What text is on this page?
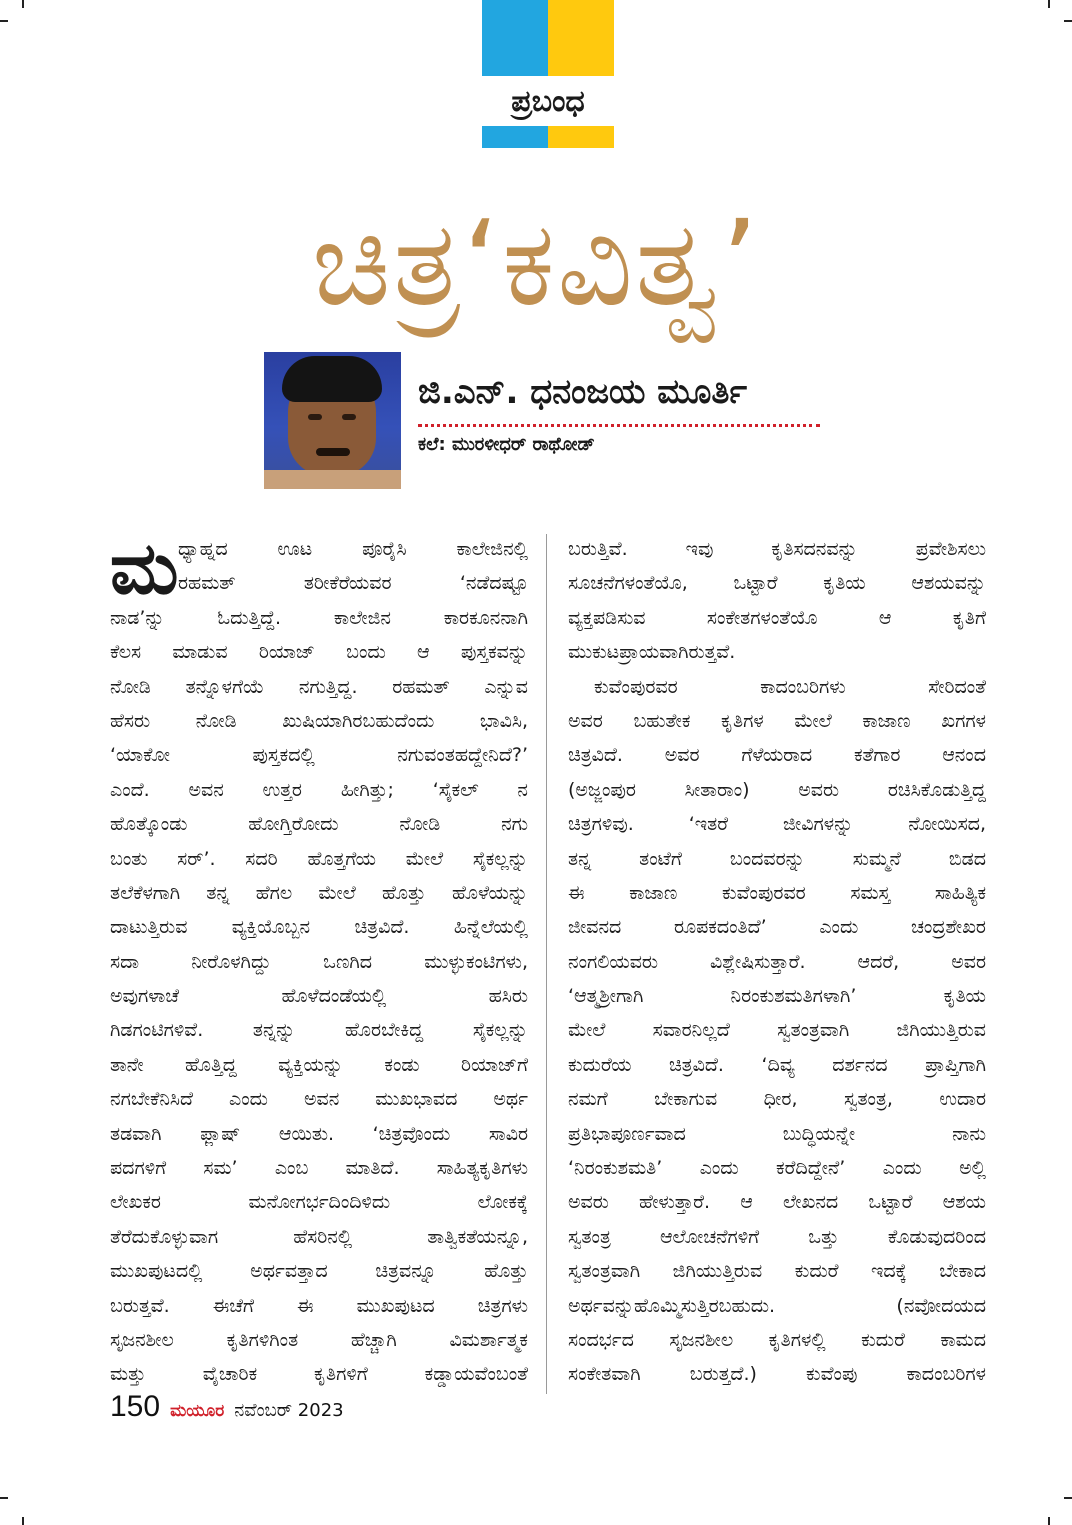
ಪ್ರಬಂಧ
ಚಿತ್ರ‘ಕವಿತ್ವ’
ಜಿ.ಎನ್‌. ಧನಂಜಯ ಮೂರ್ತಿ
ಕಲೆ: ಮುರಳೀಧರ್ ರಾಥೋಡ್
ಮ ಧ್ಯಾಹ್ನದ ಊಟ ಪೂರೈಸಿ ಕಾಲೇಜಿನಲ್ಲಿ
ರಹಮತ್ ತರೀಕೆರೆಯವರ ‘ನಡೆದಷ್ಟೂ
ನಾಡ’ನ್ನು ಓದುತ್ತಿದ್ದೆ. ಕಾಲೇಜಿನ ಕಾರಕೂನನಾಗಿ
ಕೆಲಸ ಮಾಡುವ ರಿಯಾಜ್ ಬಂದು ಆ ಪುಸ್ತಕವನ್ನು
ನೋಡಿ ತನ್ನೊಳಗೆಯೆ ನಗುತ್ತಿದ್ದ. ರಹಮತ್ ಎನ್ನುವ
ಹೆಸರು ನೋಡಿ ಖುಷಿಯಾಗಿರಬಹುದೆಂದು ಭಾವಿಸಿ,
‘ಯಾಕೋ ಪುಸ್ತಕದಲ್ಲಿ ನಗುವಂತಹದ್ದೇನಿದೆ?’
ಎಂದೆ. ಅವನ ಉತ್ತರ ಹೀಗಿತ್ತು; ‘ಸೈಕಲ್ ನ
ಹೊತ್ಕೊಂಡು ಹೋಗ್ತಿರೋದು ನೋಡಿ ನಗು
ಬಂತು ಸರ್’. ಸದರಿ ಹೊತ್ತಗೆಯ ಮೇಲೆ ಸೈಕಲ್ಲನ್ನು
ತಲೆಕೆಳಗಾಗಿ ತನ್ನ ಹೆಗಲ ಮೇಲೆ ಹೊತ್ತು ಹೊಳೆಯನ್ನು
ದಾಟುತ್ತಿರುವ ವ್ಯಕ್ತಿಯೊಬ್ಬನ ಚಿತ್ರವಿದೆ. ಹಿನ್ನೆಲೆಯಲ್ಲಿ
ಸದಾ ನೀರೊಳಗಿದ್ದು ಒಣಗಿದ ಮುಳ್ಳುಕಂಟಿಗಳು,
ಅವುಗಳಾಚೆ ಹೊಳೆದಂಡೆಯಲ್ಲಿ ಹಸಿರು
ಗಿಡಗಂಟಿಗಳಿವೆ. ತನ್ನನ್ನು ಹೊರಬೇಕಿದ್ದ ಸೈಕಲ್ಲನ್ನು
ತಾನೇ ಹೊತ್ತಿದ್ದ ವ್ಯಕ್ತಿಯನ್ನು ಕಂಡು ರಿಯಾಜ್‌ಗೆ
ನಗಬೇಕೆನಿಸಿದೆ ಎಂದು ಅವನ ಮುಖಭಾವದ ಅರ್ಥ
ತಡವಾಗಿ ಫ್ಲಾಷ್ ಆಯಿತು. ‘ಚಿತ್ರವೊಂದು ಸಾವಿರ
ಪದಗಳಿಗೆ ಸಮ’ ಎಂಬ ಮಾತಿದೆ. ಸಾಹಿತ್ಯಕೃತಿಗಳು
ಲೇಖಕರ ಮನೋಗರ್ಭದಿಂದಿಳಿದು ಲೋಕಕ್ಕೆ
ತೆರೆದುಕೊಳ್ಳುವಾಗ ಹೆಸರಿನಲ್ಲಿ ತಾತ್ವಿಕತೆಯನ್ನೂ,
ಮುಖಪುಟದಲ್ಲಿ ಅರ್ಥವತ್ತಾದ ಚಿತ್ರವನ್ನೂ ಹೊತ್ತು
ಬರುತ್ತವೆ. ಈಚೆಗೆ ಈ ಮುಖಪುಟದ ಚಿತ್ರಗಳು
ಸೃಜನಶೀಲ ಕೃತಿಗಳಿಗಿಂತ ಹೆಚ್ಚಾಗಿ ವಿಮರ್ಶಾತ್ಮಕ
ಮತ್ತು ವೈಚಾರಿಕ ಕೃತಿಗಳಿಗೆ ಕಡ್ಡಾಯವೆಂಬಂತೆ
ಬರುತ್ತಿವೆ. ಇವು ಕೃತಿಸದನವನ್ನು ಪ್ರವೇಶಿಸಲು
ಸೂಚನೆಗಳಂತೆಯೊ, ಒಟ್ಟಾರೆ ಕೃತಿಯ ಆಶಯವನ್ನು
ವ್ಯಕ್ತಪಡಿಸುವ ಸಂಕೇತಗಳಂತೆಯೊ ಆ ಕೃತಿಗೆ
ಮುಕುಟಪ್ರಾಯವಾಗಿರುತ್ತವೆ.
ಕುವೆಂಪುರವರ ಕಾದಂಬರಿಗಳು ಸೇರಿದಂತೆ
ಅವರ ಬಹುತೇಕ ಕೃತಿಗಳ ಮೇಲೆ ಕಾಜಾಣ ಖಗಗಳ
ಚಿತ್ರವಿದೆ. ಅವರ ಗೆಳೆಯರಾದ ಕತೆಗಾರ ಆನಂದ
(ಅಜ್ಜಂಪುರ ಸೀತಾರಾಂ) ಅವರು ರಚಿಸಿಕೊಡುತ್ತಿದ್ದ
ಚಿತ್ರಗಳಿವು. ‘ಇತರೆ ಜೀವಿಗಳನ್ನು ನೋಯಿಸದ,
ತನ್ನ ತಂಟೆಗೆ ಬಂದವರನ್ನು ಸುಮ್ಮನೆ ಬಿಡದ
ಈ ಕಾಜಾಣ ಕುವೆಂಪುರವರ ಸಮಸ್ತ ಸಾಹಿತ್ಯಿಕ
ಜೀವನದ ರೂಪಕದಂತಿದೆ’ ಎಂದು ಚಂದ್ರಶೇಖರ
ನಂಗಲಿಯವರು ವಿಶ್ಲೇಷಿಸುತ್ತಾರೆ. ಆದರೆ, ಅವರ
‘ಆತ್ಮಶ್ರೀಗಾಗಿ ನಿರಂಕುಶಮತಿಗಳಾಗಿ’ ಕೃತಿಯ
ಮೇಲೆ ಸವಾರನಿಲ್ಲದೆ ಸ್ವತಂತ್ರವಾಗಿ ಜಿಗಿಯುತ್ತಿರುವ
ಕುದುರೆಯ ಚಿತ್ರವಿದೆ. ‘ದಿವ್ಯ ದರ್ಶನದ ಪ್ರಾಪ್ತಿಗಾಗಿ
ನಮಗೆ ಬೇಕಾಗುವ ಧೀರ, ಸ್ವತಂತ್ರ, ಉದಾರ
ಪ್ರತಿಭಾಪೂರ್ಣವಾದ ಬುದ್ಧಿಯನ್ನೇ ನಾನು
‘ನಿರಂಕುಶಮತಿ’ ಎಂದು ಕರೆದಿದ್ದೇನೆ’ ಎಂದು ಅಲ್ಲಿ
ಅವರು ಹೇಳುತ್ತಾರೆ. ಆ ಲೇಖನದ ಒಟ್ಟಾರೆ ಆಶಯ
ಸ್ವತಂತ್ರ ಆಲೋಚನೆಗಳಿಗೆ ಒತ್ತು ಕೊಡುವುದರಿಂದ
ಸ್ವತಂತ್ರವಾಗಿ ಜಿಗಿಯುತ್ತಿರುವ ಕುದುರೆ ಇದಕ್ಕೆ ಬೇಕಾದ
ಅರ್ಥವನ್ನುಹೊಮ್ಮಿಸುತ್ತಿರಬಹುದು. (ನವೋದಯದ
ಸಂದರ್ಭದ ಸೃಜನಶೀಲ ಕೃತಿಗಳಲ್ಲಿ ಕುದುರೆ ಕಾಮದ
ಸಂಕೇತವಾಗಿ ಬರುತ್ತದೆ.) ಕುವೆಂಪು ಕಾದಂಬರಿಗಳ
150 ಮಯೂರ ನವೆಂಬರ್ 2023
